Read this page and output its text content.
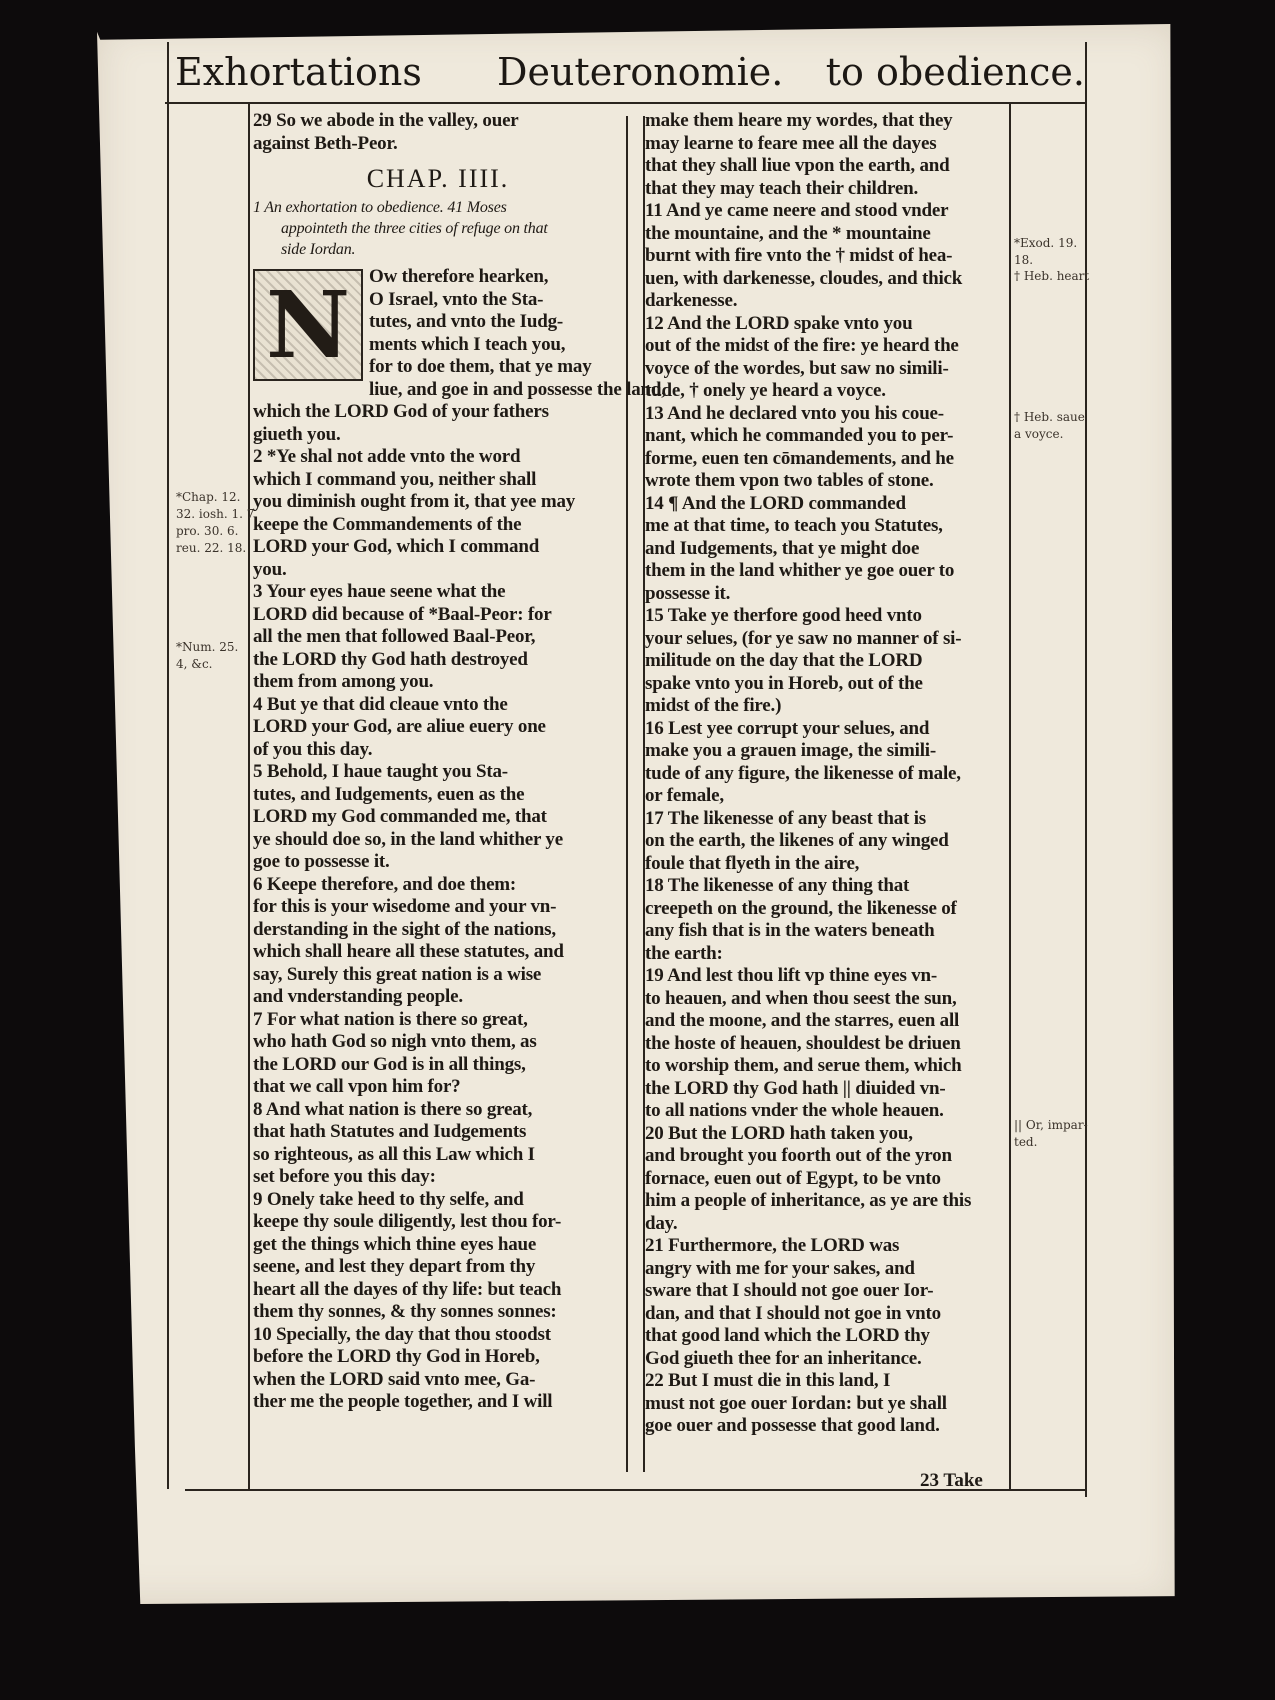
Exhortations Deuteronomie. to obedience.
29 So we abode in the valley, ouer
against Beth-Peor.
CHAP. IIII.
1 An exhortation to obedience. 41 Moses
appointeth the three cities of refuge on that
side Iordan.
N Ow therefore hearken,
O Israel, vnto the Sta-
tutes, and vnto the Iudg-
ments which I teach you,
for to doe them, that ye may
liue, and goe in and possesse the land,
which the LORD God of your fathers
giueth you.
2 *Ye shal not adde vnto the word
which I command you, neither shall
you diminish ought from it, that yee may
keepe the Commandements of the
LORD your God, which I command
you.
3 Your eyes haue seene what the
LORD did because of *Baal-Peor: for
all the men that followed Baal-Peor,
the LORD thy God hath destroyed
them from among you.
4 But ye that did cleaue vnto the
LORD your God, are aliue euery one
of you this day.
5 Behold, I haue taught you Sta-
tutes, and Iudgements, euen as the
LORD my God commanded me, that
ye should doe so, in the land whither ye
goe to possesse it.
6 Keepe therefore, and doe them:
for this is your wisedome and your vn-
derstanding in the sight of the nations,
which shall heare all these statutes, and
say, Surely this great nation is a wise
and vnderstanding people.
7 For what nation is there so great,
who hath God so nigh vnto them, as
the LORD our God is in all things,
that we call vpon him for?
8 And what nation is there so great,
that hath Statutes and Iudgements
so righteous, as all this Law which I
set before you this day:
9 Onely take heed to thy selfe, and
keepe thy soule diligently, lest thou for-
get the things which thine eyes haue
seene, and lest they depart from thy
heart all the dayes of thy life: but teach
them thy sonnes, & thy sonnes sonnes:
10 Specially, the day that thou stoodst
before the LORD thy God in Horeb,
when the LORD said vnto mee, Ga-
ther me the people together, and I will
make them heare my wordes, that they
may learne to feare mee all the dayes
that they shall liue vpon the earth, and
that they may teach their children.
11 And ye came neere and stood vnder
the mountaine, and the * mountaine
burnt with fire vnto the † midst of hea-
uen, with darkenesse, cloudes, and thick
darkenesse.
12 And the LORD spake vnto you
out of the midst of the fire: ye heard the
voyce of the wordes, but saw no simili-
tude, † onely ye heard a voyce.
13 And he declared vnto you his coue-
nant, which he commanded you to per-
forme, euen ten cōmandements, and he
wrote them vpon two tables of stone.
14 ¶ And the LORD commanded
me at that time, to teach you Statutes,
and Iudgements, that ye might doe
them in the land whither ye goe ouer to
possesse it.
15 Take ye therfore good heed vnto
your selues, (for ye saw no manner of si-
militude on the day that the LORD
spake vnto you in Horeb, out of the
midst of the fire.)
16 Lest yee corrupt your selues, and
make you a grauen image, the simili-
tude of any figure, the likenesse of male,
or female,
17 The likenesse of any beast that is
on the earth, the likenes of any winged
foule that flyeth in the aire,
18 The likenesse of any thing that
creepeth on the ground, the likenesse of
any fish that is in the waters beneath
the earth:
19 And lest thou lift vp thine eyes vn-
to heauen, and when thou seest the sun,
and the moone, and the starres, euen all
the hoste of heauen, shouldest be driuen
to worship them, and serue them, which
the LORD thy God hath || diuided vn-
to all nations vnder the whole heauen.
20 But the LORD hath taken you,
and brought you foorth out of the yron
fornace, euen out of Egypt, to be vnto
him a people of inheritance, as ye are this
day.
21 Furthermore, the LORD was
angry with me for your sakes, and
sware that I should not goe ouer Ior-
dan, and that I should not goe in vnto
that good land which the LORD thy
God giueth thee for an inheritance.
22 But I must die in this land, I
must not goe ouer Iordan: but ye shall
goe ouer and possesse that good land.
23 Take
*Chap. 12.
32. iosh. 1. 7
pro. 30. 6.
reu. 22. 18.
*Num. 25.
4, &c.
*Exod. 19.
18.
† Heb. heart
† Heb. saue
a voyce.
|| Or, impar-
ted.
